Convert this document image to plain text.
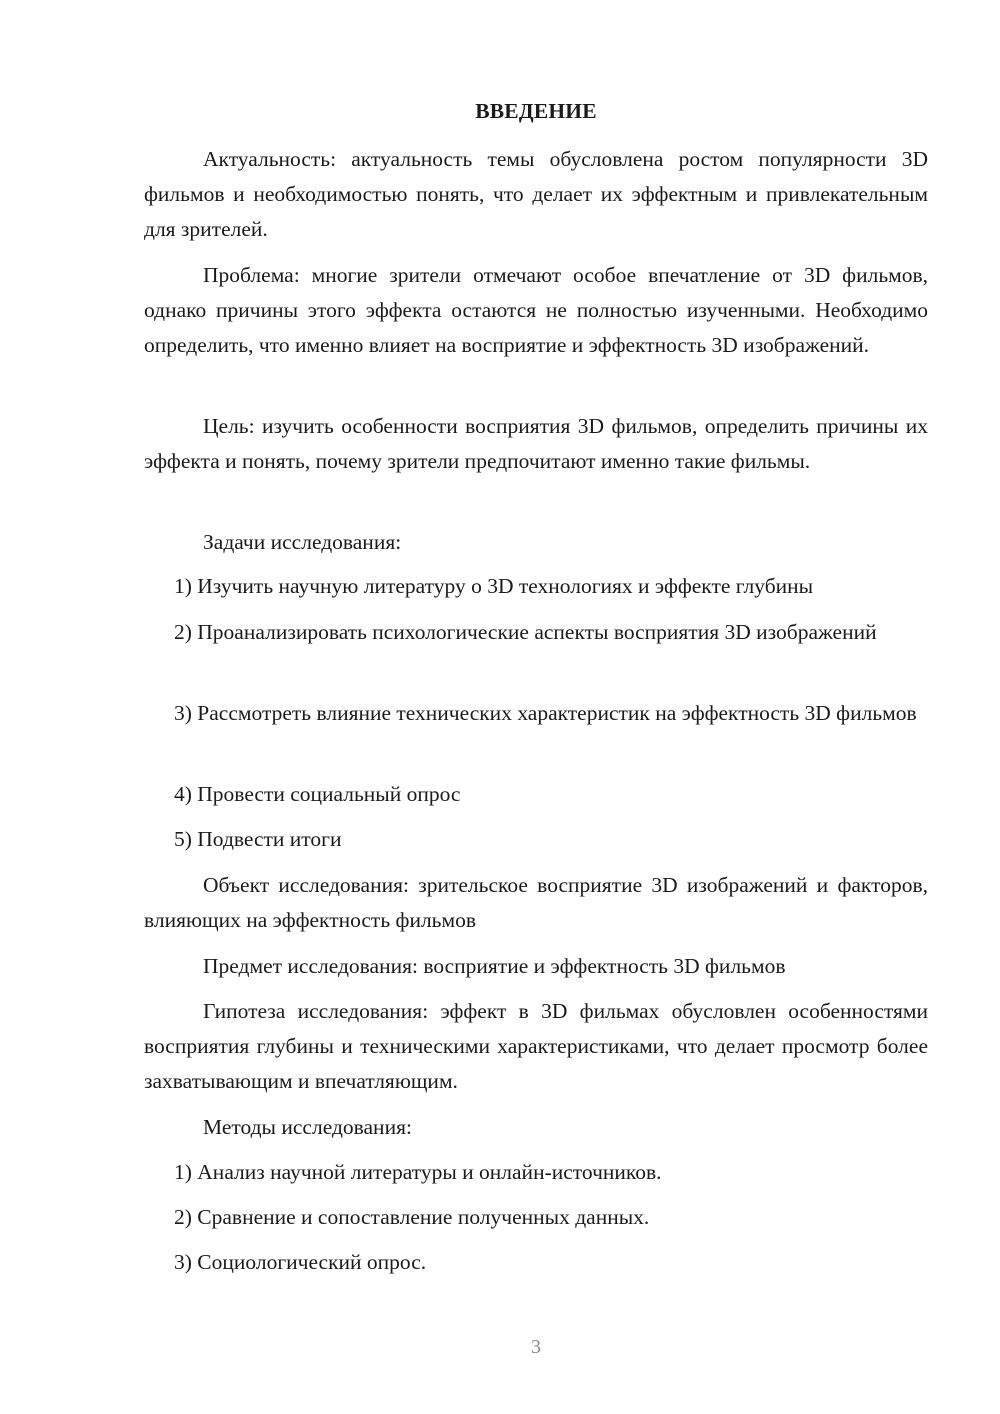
ВВЕДЕНИЕ

Актуальность: актуальность темы обусловлена ростом популярности 3D фильмов и необходимостью понять, что делает их эффектным и привлекательным для зрителей.

Проблема: многие зрители отмечают особое впечатление от 3D фильмов, однако причины этого эффекта остаются не полностью изученными. Необходимо определить, что именно влияет на восприятие и эффектность 3D изображений.

Цель: изучить особенности восприятия 3D фильмов, определить причины их эффекта и понять, почему зрители предпочитают именно такие фильмы.

Задачи исследования:

1) Изучить научную литературу о 3D технологиях и эффекте глубины

2) Проанализировать психологические аспекты восприятия 3D изображений

3) Рассмотреть влияние технических характеристик на эффектность 3D фильмов

4) Провести социальный опрос

5) Подвести итоги

Объект исследования: зрительское восприятие 3D изображений и факторов, влияющих на эффектность фильмов

Предмет исследования: восприятие и эффектность 3D фильмов

Гипотеза исследования: эффект в 3D фильмах обусловлен особенностями восприятия глубины и техническими характеристиками, что делает просмотр более захватывающим и впечатляющим.

Методы исследования:

1) Анализ научной литературы и онлайн-источников.

2) Сравнение и сопоставление полученных данных.

3) Социологический опрос.

3
